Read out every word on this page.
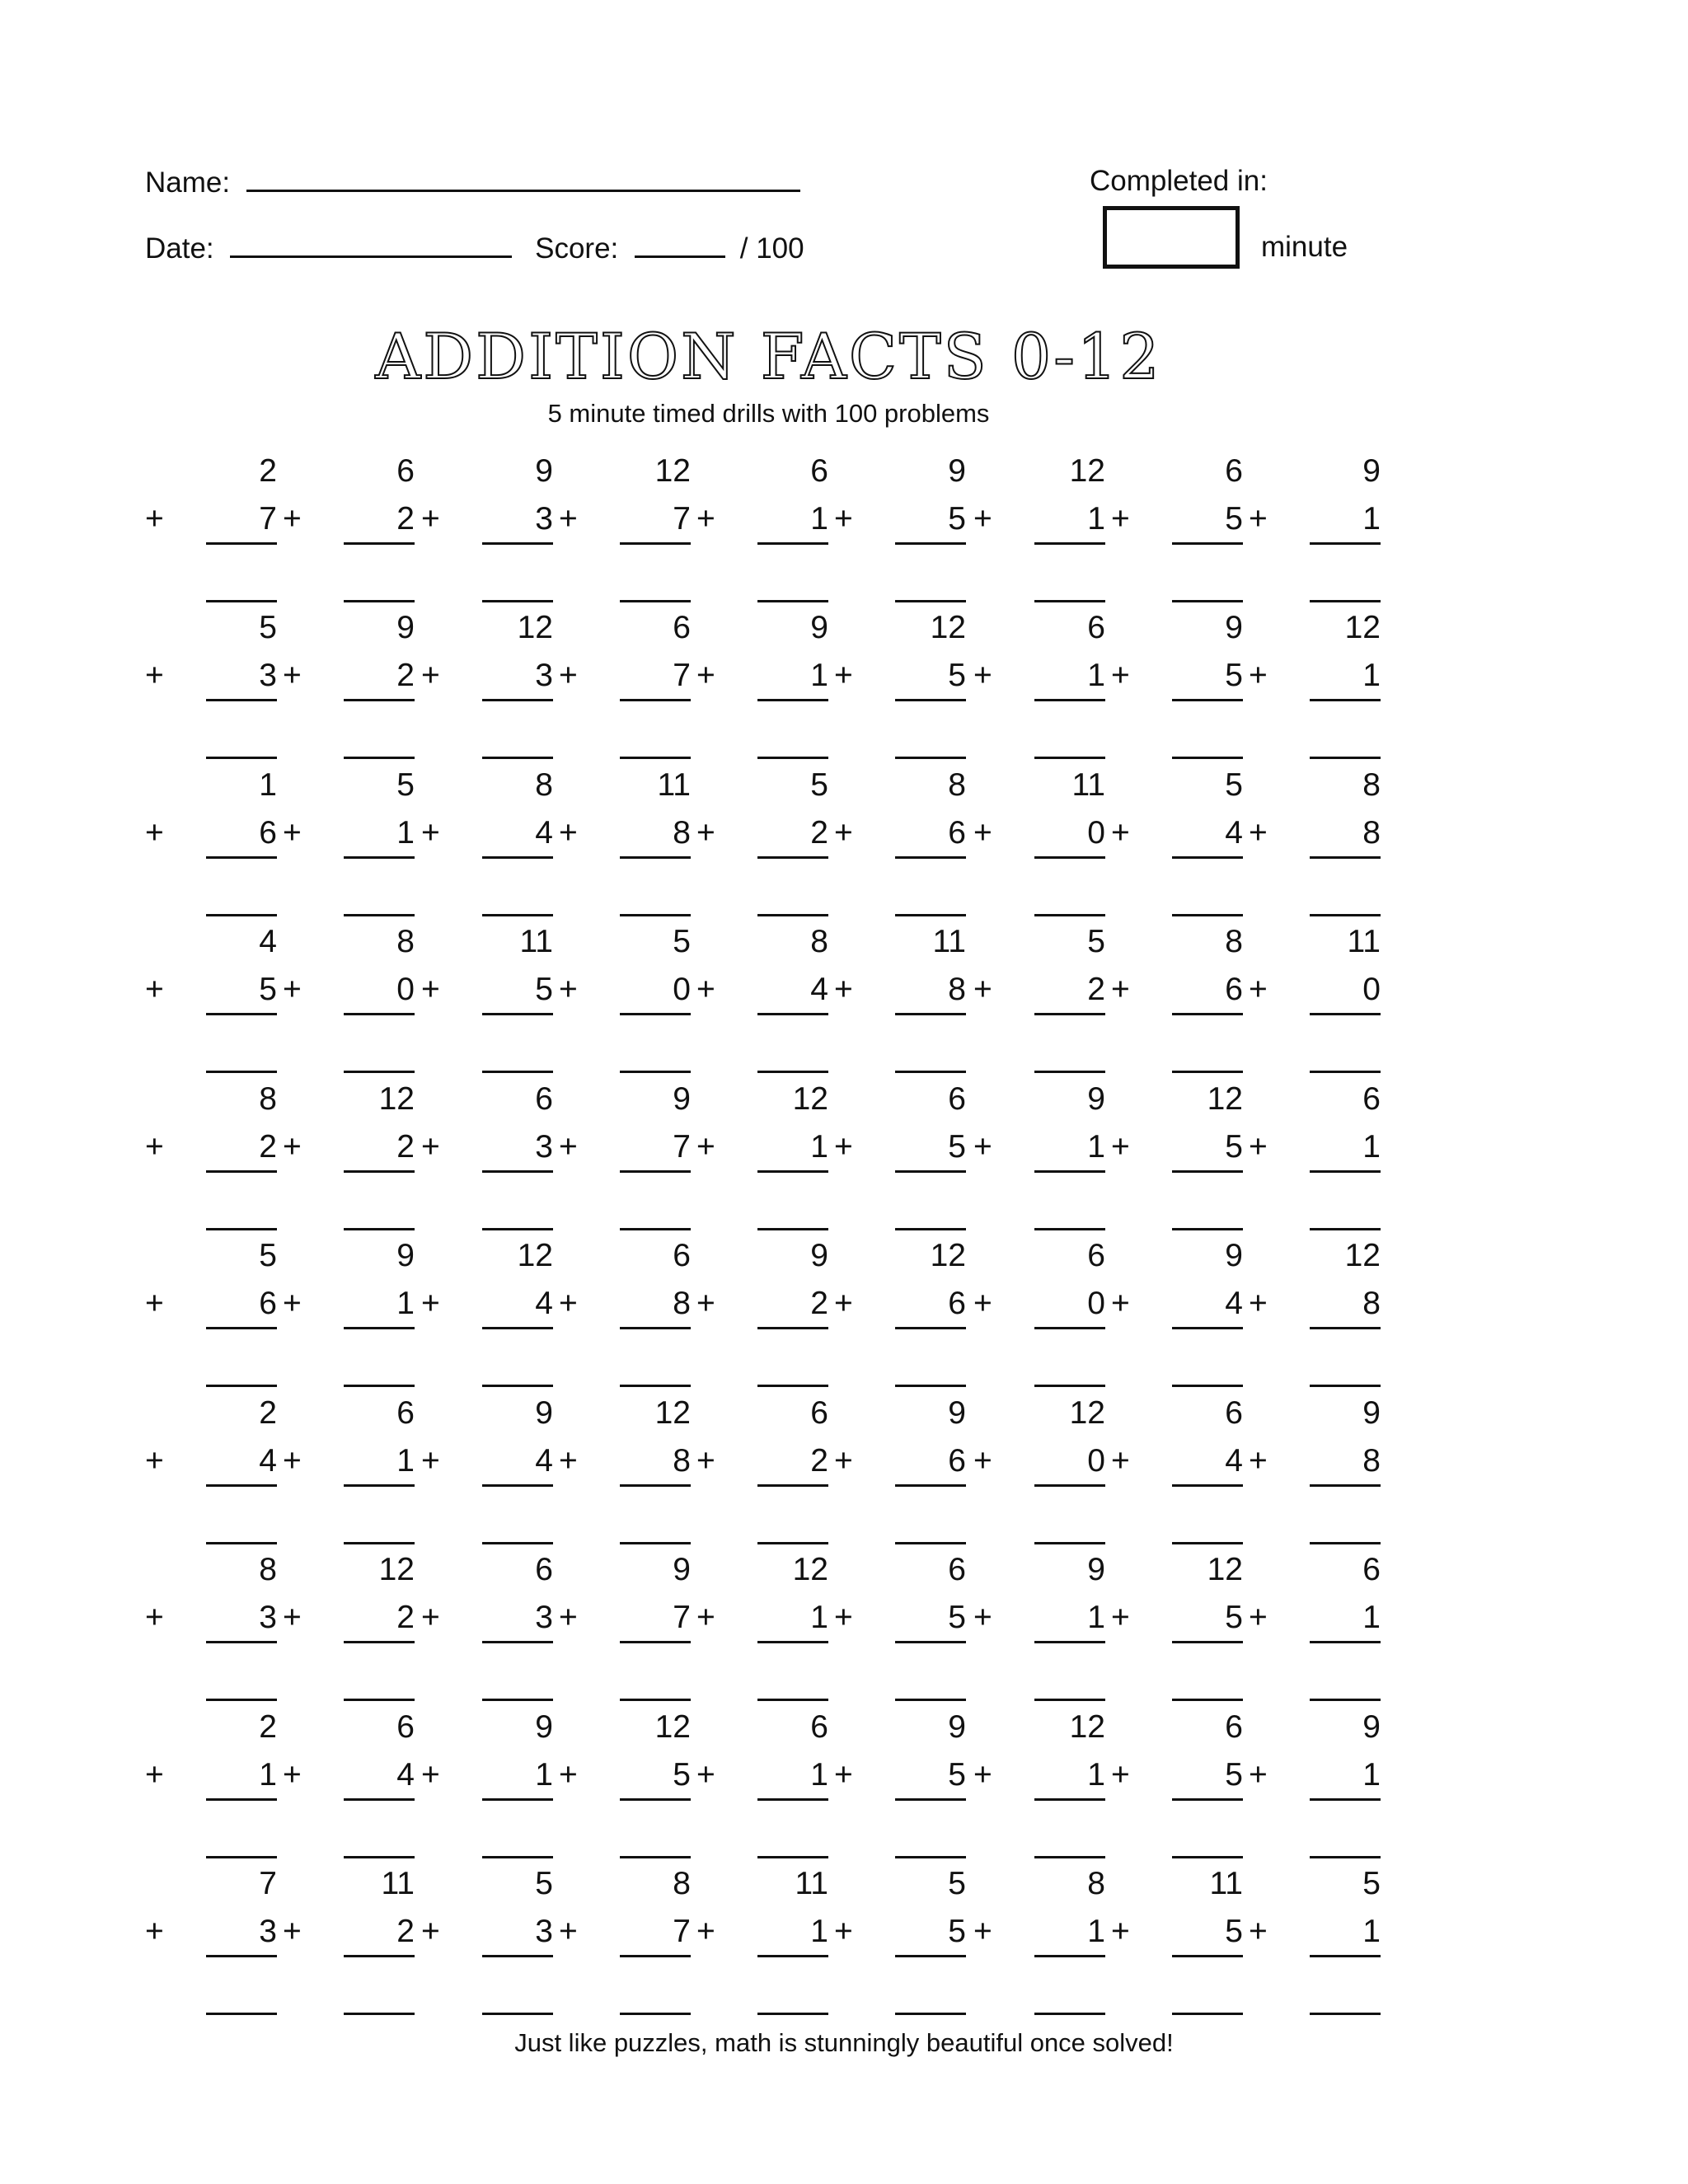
Name:
Date:	Score:	/ 100
Completed in:
minute
ADDITION FACTS 0-12
5 minute timed drills with 100 problems
2
+	7
6
+	2
9
+	3
12
+	7
6
+	1
9
+	5
12
+	1
6
+	5
9
+	1
5
+	3
9
+	2
12
+	3
6
+	7
9
+	1
12
+	5
6
+	1
9
+	5
12
+	1
1
+	6
5
+	1
8
+	4
11
+	8
5
+	2
8
+	6
11
+	0
5
+	4
8
+	8
4
+	5
8
+	0
11
+	5
5
+	0
8
+	4
11
+	8
5
+	2
8
+	6
11
+	0
8
+	2
12
+	2
6
+	3
9
+	7
12
+	1
6
+	5
9
+	1
12
+	5
6
+	1
5
+	6
9
+	1
12
+	4
6
+	8
9
+	2
12
+	6
6
+	0
9
+	4
12
+	8
2
+	4
6
+	1
9
+	4
12
+	8
6
+	2
9
+	6
12
+	0
6
+	4
9
+	8
8
+	3
12
+	2
6
+	3
9
+	7
12
+	1
6
+	5
9
+	1
12
+	5
6
+	1
2
+	1
6
+	4
9
+	1
12
+	5
6
+	1
9
+	5
12
+	1
6
+	5
9
+	1
7
+	3
11
+	2
5
+	3
8
+	7
11
+	1
5
+	5
8
+	1
11
+	5
5
+	1
Just like puzzles, math is stunningly beautiful once solved!
